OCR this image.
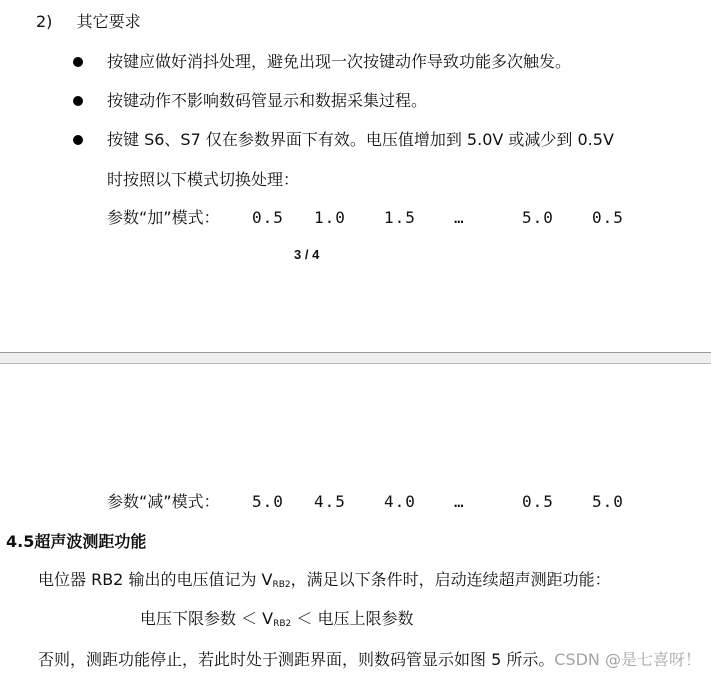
2) 其它要求
按键应做好消抖处理，避免出现一次按键动作导致功能多次触发。
按键动作不影响数码管显示和数据采集过程。
按键 S6、S7 仅在参数界面下有效。电压值增加到 5.0V 或减少到 0.5V
时按照以下模式切换处理：
参数“加”模式： 0.5 1.0 1.5 …	5.0 0.5
3 / 4
参数“减”模式： 5.0 4.5 4.0 …	0.5 5.0
4.5超声波测距功能
电位器 RB2 输出的电压值记为 $V_{RB2}$，满足以下条件时，启动连续超声测距功能：
电压下限参数 ＜ $V_{RB2}$ ＜ 电压上限参数
否则，测距功能停止，若此时处于测距界面，则数码管显示如图 5 所示。 CSDN @是七喜呀！
